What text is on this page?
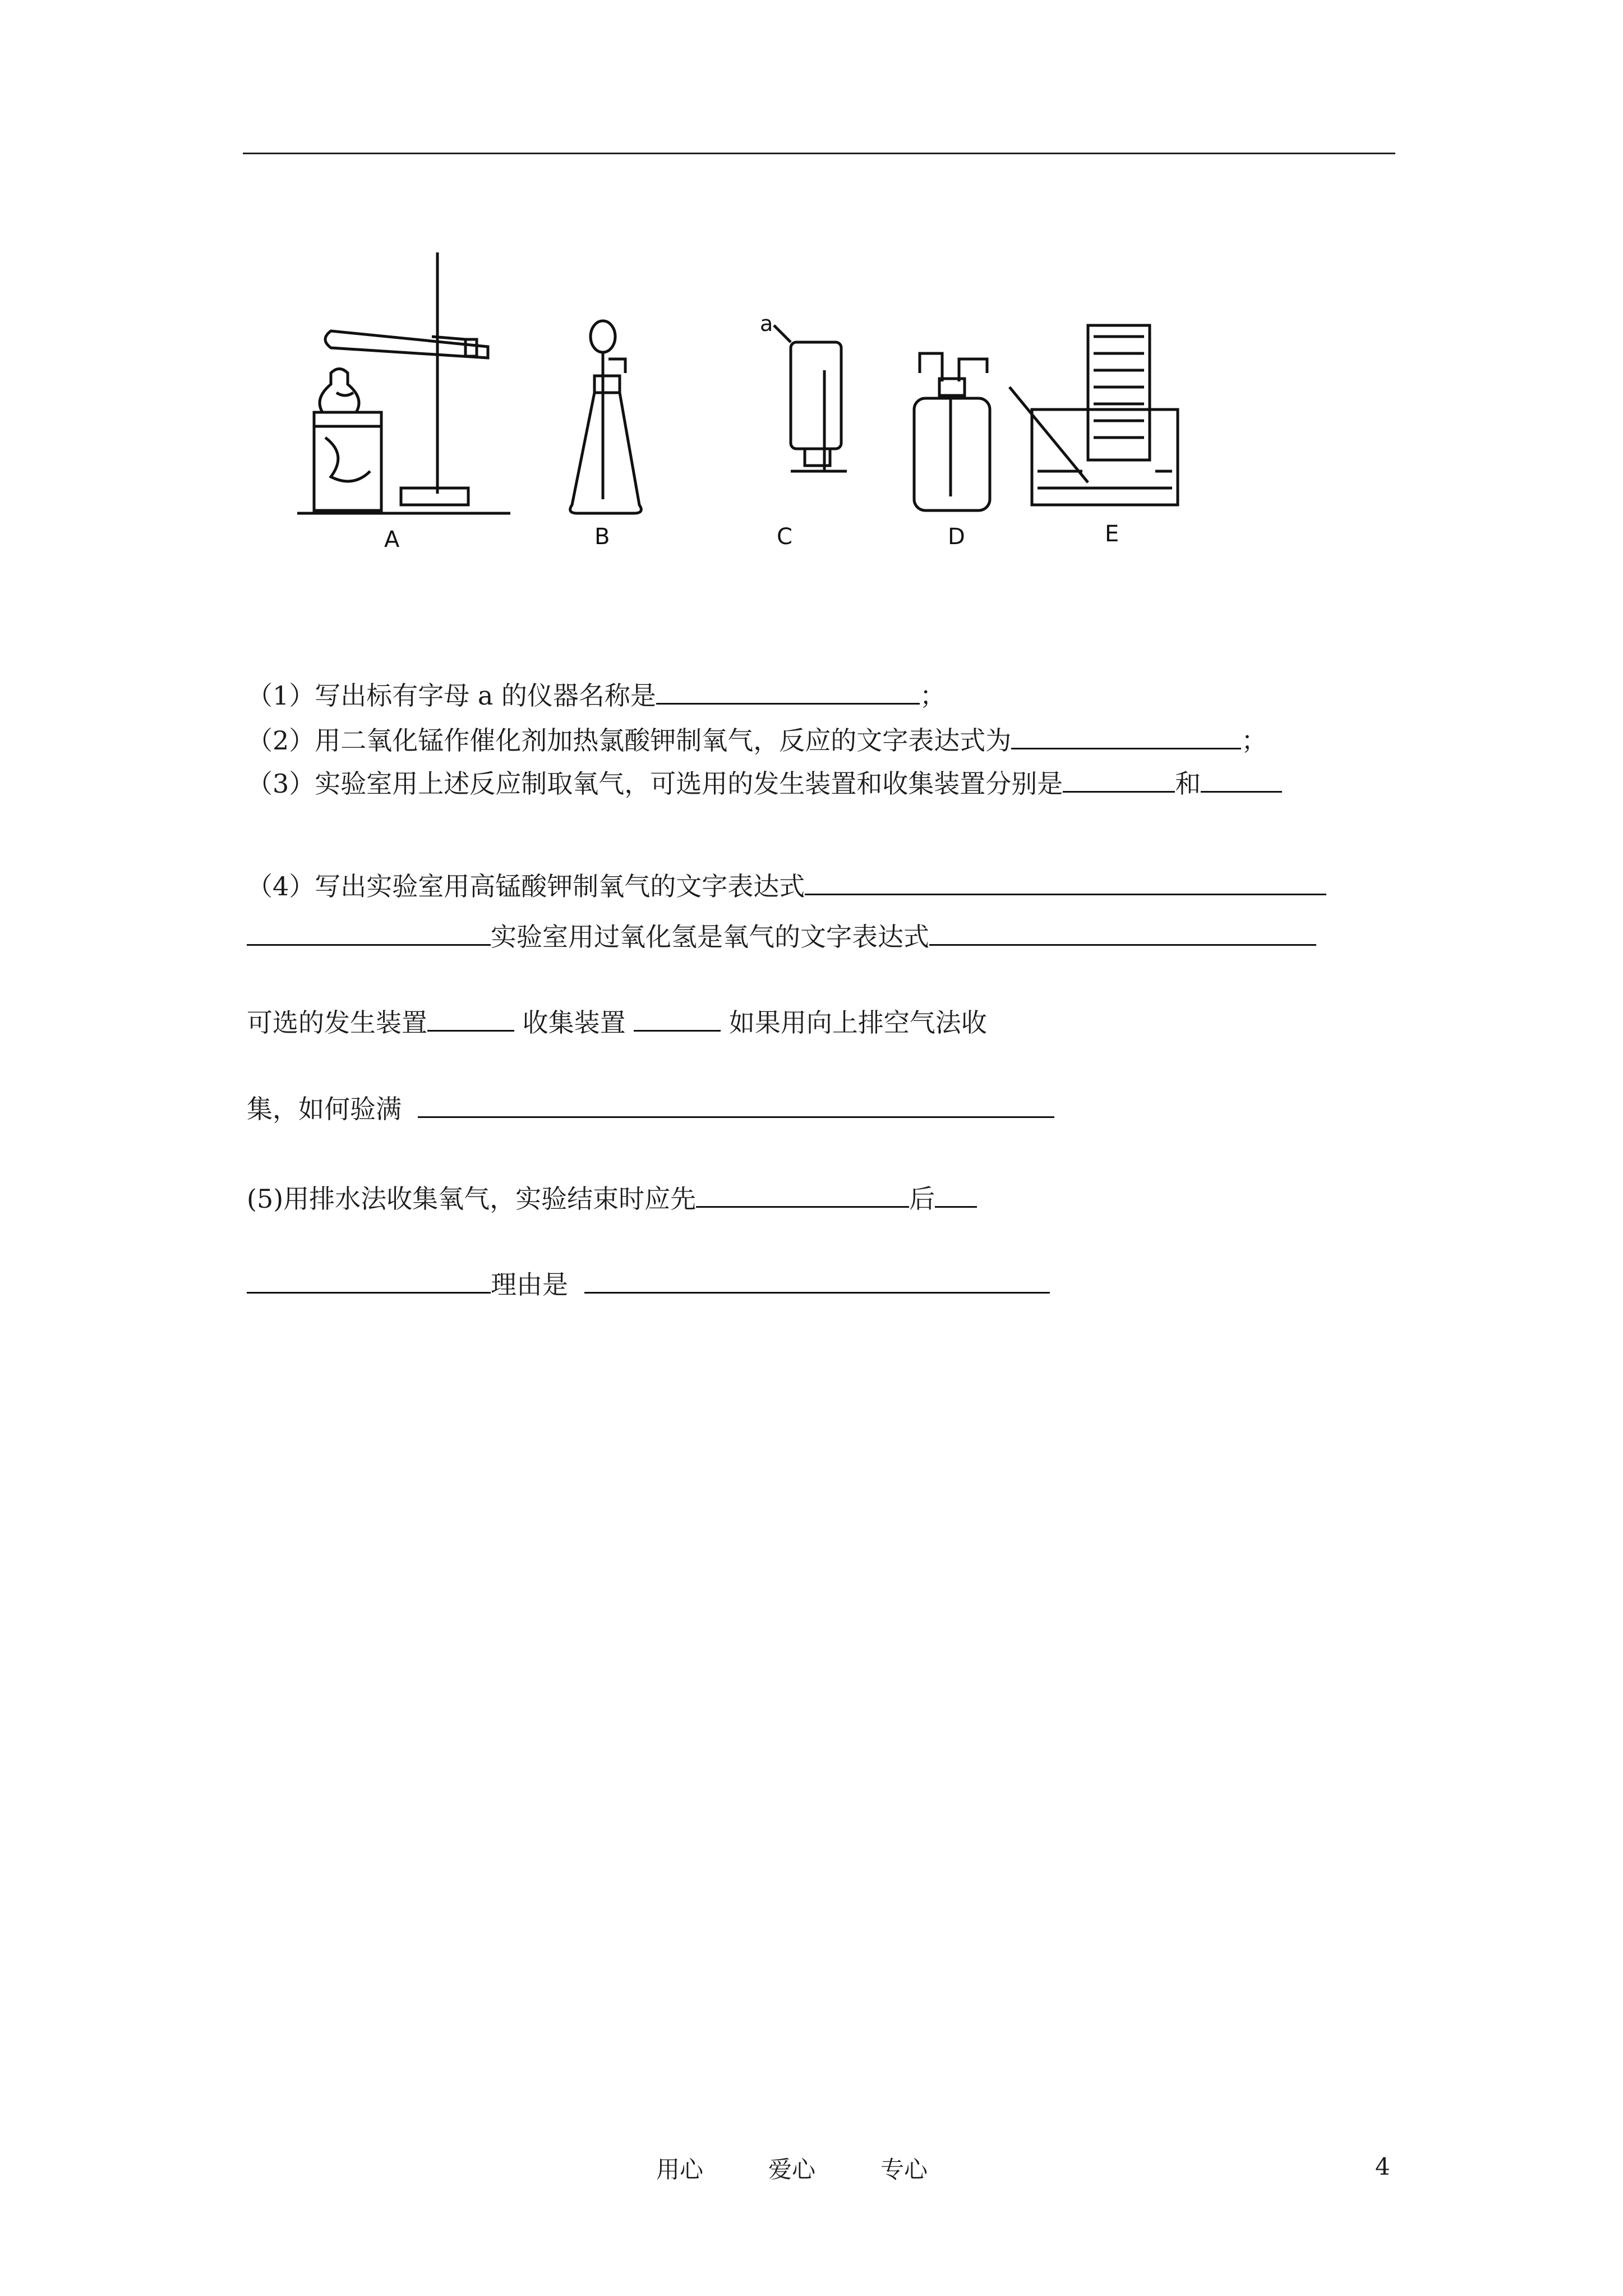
A	B	C	D	E
a
（1）写出标有字母 a 的仪器名称是	；
（2）用二氧化锰作催化剂加热氯酸钾制氧气，反应的文字表达式为	；
（3）实验室用上述反应制取氧气，可选用的发生装置和收集装置分别是	和
（4）写出实验室用高锰酸钾制氧气的文字表达式
实验室用过氧化氢是氧气的文字表达式
可选的发生装置	收集装置	如果用向上排空气法收
集，如何验满
(5)用排水法收集氧气，实验结束时应先	后
理由是
用心	爱心	专心	4
